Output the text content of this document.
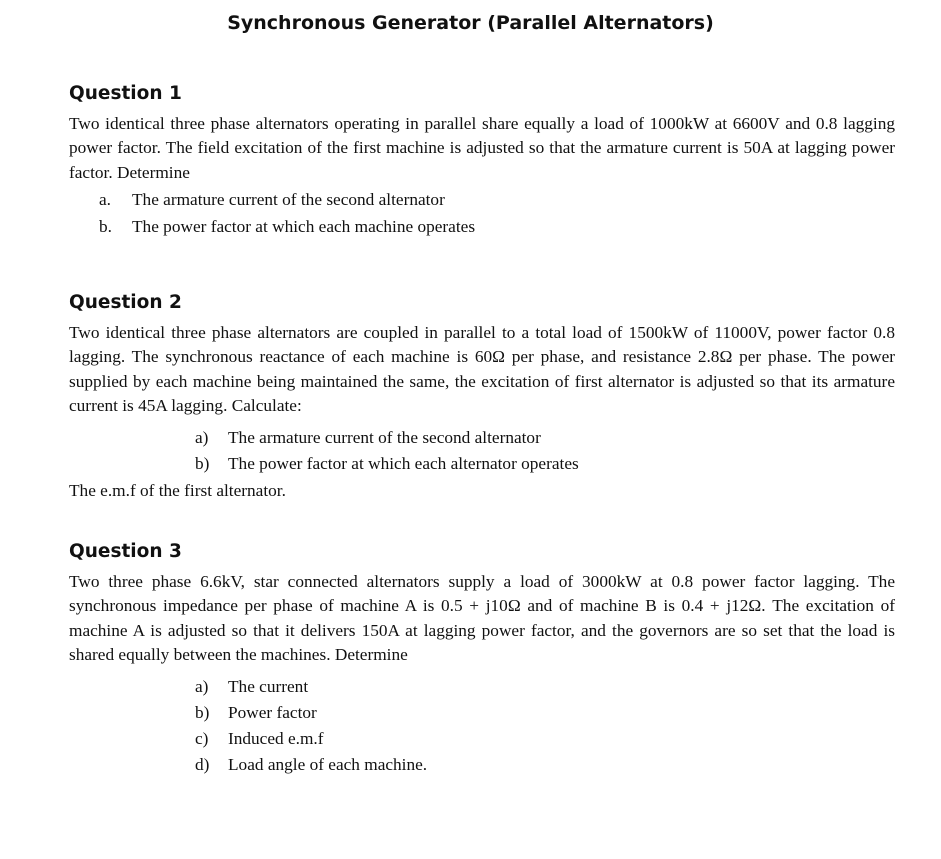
Synchronous Generator (Parallel Alternators)
Question 1

Two identical three phase alternators operating in parallel share equally a load of 1000kW at 6600V and 0.8 lagging power factor. The field excitation of the first machine is adjusted so that the armature current is 50A at lagging power factor. Determine

a. The armature current of the second alternator
b. The power factor at which each machine operates
Question 2

Two identical three phase alternators are coupled in parallel to a total load of 1500kW of 11000V, power factor 0.8 lagging. The synchronous reactance of each machine is 60Ω per phase, and resistance 2.8Ω per phase. The power supplied by each machine being maintained the same, the excitation of first alternator is adjusted so that its armature current is 45A lagging. Calculate:

a) The armature current of the second alternator
b) The power factor at which each alternator operates

The e.m.f of the first alternator.

Question 3

Two three phase 6.6kV, star connected alternators supply a load of 3000kW at 0.8 power factor lagging. The synchronous impedance per phase of machine A is 0.5 + j10Ω and of machine B is 0.4 + j12Ω. The excitation of machine A is adjusted so that it delivers 150A at lagging power factor, and the governors are so set that the load is shared equally between the machines. Determine

a) The current
b) Power factor
c) Induced e.m.f
d) Load angle of each machine.
